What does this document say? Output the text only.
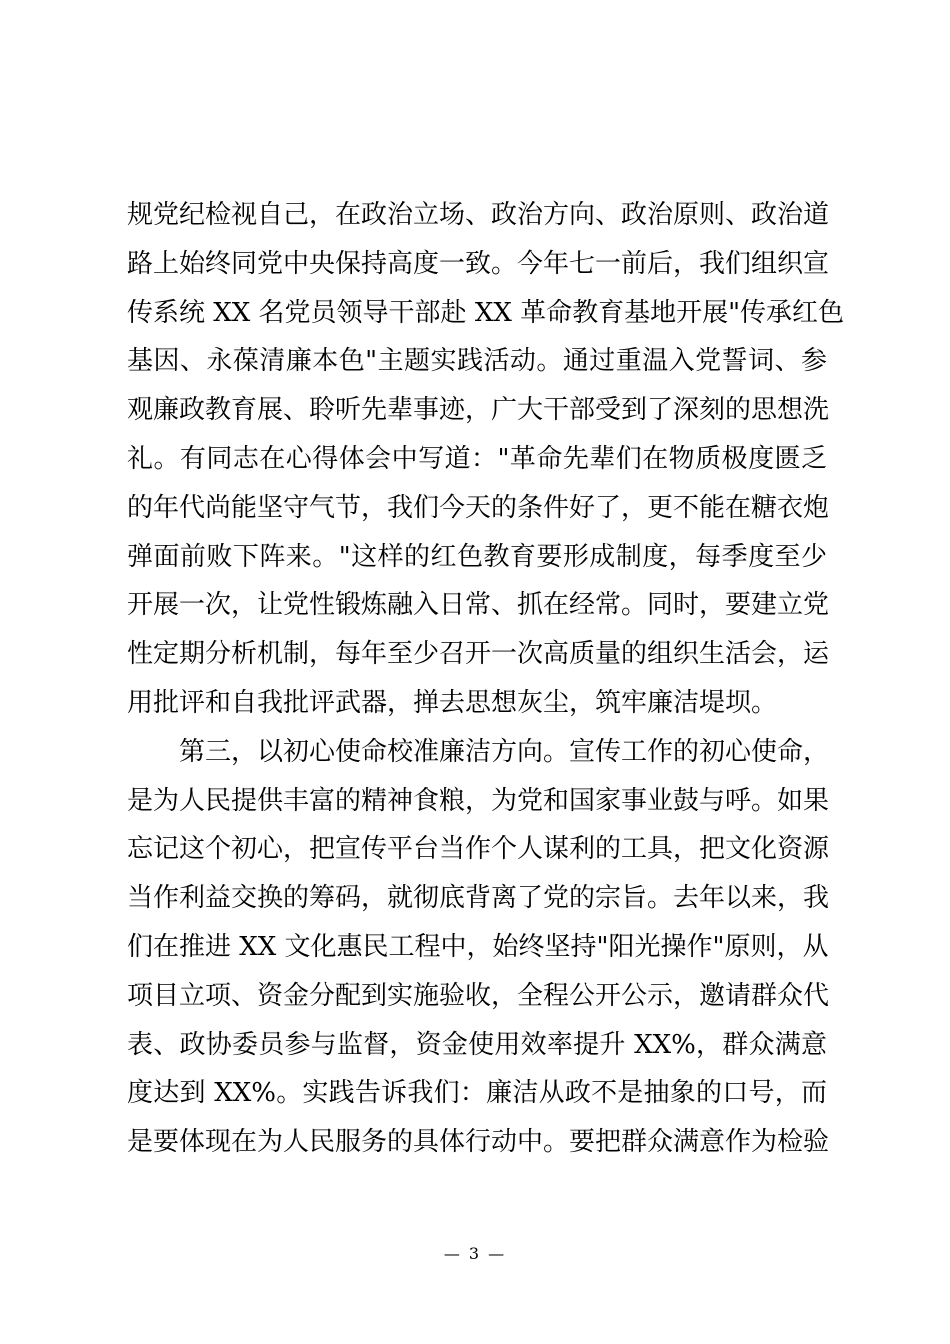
规党纪检视自己，在政治立场、政治方向、政治原则、政治道
路上始终同党中央保持高度一致。今年七一前后，我们组织宣
传系统 XX 名党员领导干部赴 XX 革命教育基地开展"传承红色
基因、永葆清廉本色"主题实践活动。通过重温入党誓词、参
观廉政教育展、聆听先辈事迹，广大干部受到了深刻的思想洗
礼。有同志在心得体会中写道："革命先辈们在物质极度匮乏
的年代尚能坚守气节，我们今天的条件好了，更不能在糖衣炮
弹面前败下阵来。"这样的红色教育要形成制度，每季度至少
开展一次，让党性锻炼融入日常、抓在经常。同时，要建立党
性定期分析机制，每年至少召开一次高质量的组织生活会，运
用批评和自我批评武器，掸去思想灰尘，筑牢廉洁堤坝。
　　第三，以初心使命校准廉洁方向。宣传工作的初心使命，
是为人民提供丰富的精神食粮，为党和国家事业鼓与呼。如果
忘记这个初心，把宣传平台当作个人谋利的工具，把文化资源
当作利益交换的筹码，就彻底背离了党的宗旨。去年以来，我
们在推进 XX 文化惠民工程中，始终坚持"阳光操作"原则，从
项目立项、资金分配到实施验收，全程公开公示，邀请群众代
表、政协委员参与监督，资金使用效率提升 XX%，群众满意
度达到 XX%。实践告诉我们：廉洁从政不是抽象的口号，而
是要体现在为人民服务的具体行动中。要把群众满意作为检验
— 3 —
